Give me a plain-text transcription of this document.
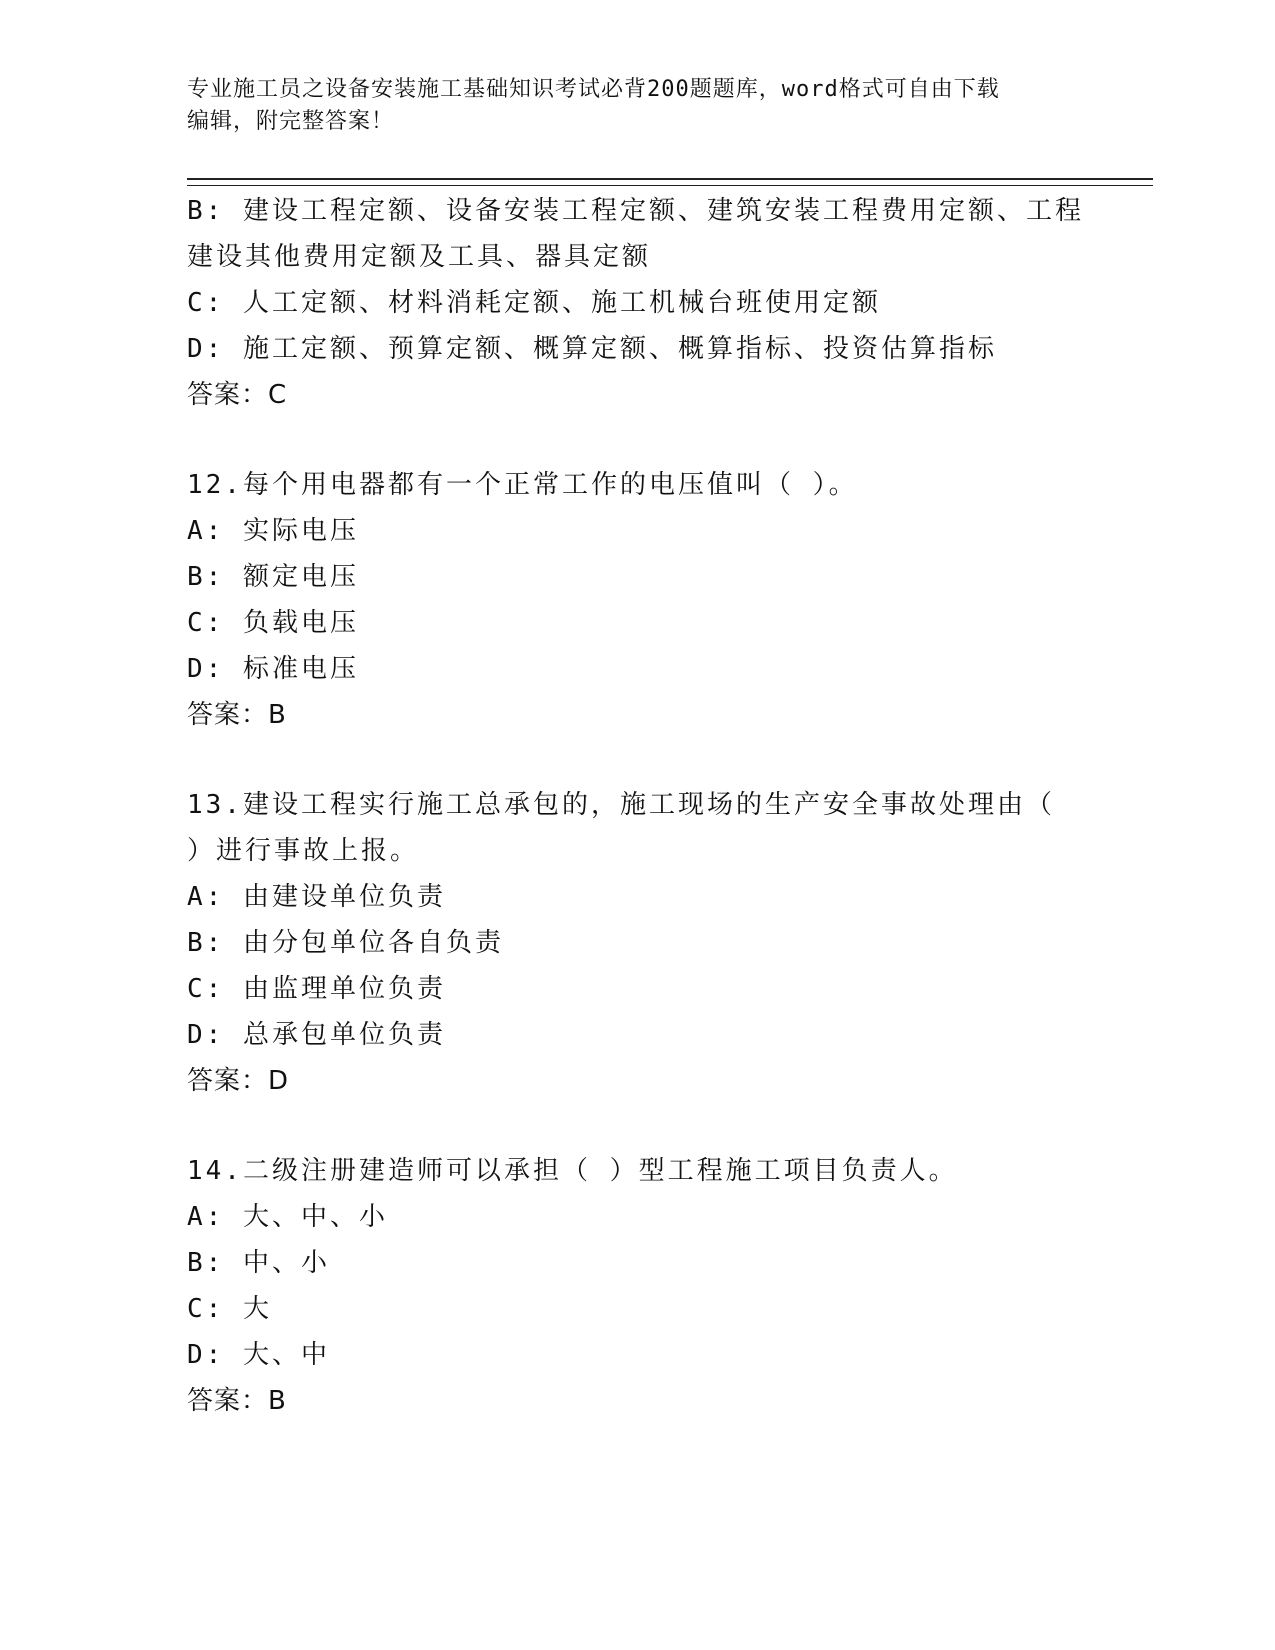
专业施工员之设备安装施工基础知识考试必背200题题库，word格式可自由下载
编辑，附完整答案！
B: 建设工程定额、设备安装工程定额、建筑安装工程费用定额、工程
建设其他费用定额及工具、器具定额
C: 人工定额、材料消耗定额、施工机械台班使用定额
D: 施工定额、预算定额、概算定额、概算指标、投资估算指标
答案：C
12.每个用电器都有一个正常工作的电压值叫（ ）。
A: 实际电压
B: 额定电压
C: 负载电压
D: 标准电压
答案：B
13.建设工程实行施工总承包的，施工现场的生产安全事故处理由（
）进行事故上报。
A: 由建设单位负责
B: 由分包单位各自负责
C: 由监理单位负责
D: 总承包单位负责
答案：D
14.二级注册建造师可以承担（ ）型工程施工项目负责人。
A: 大、中、小
B: 中、小
C: 大
D: 大、中
答案：B
